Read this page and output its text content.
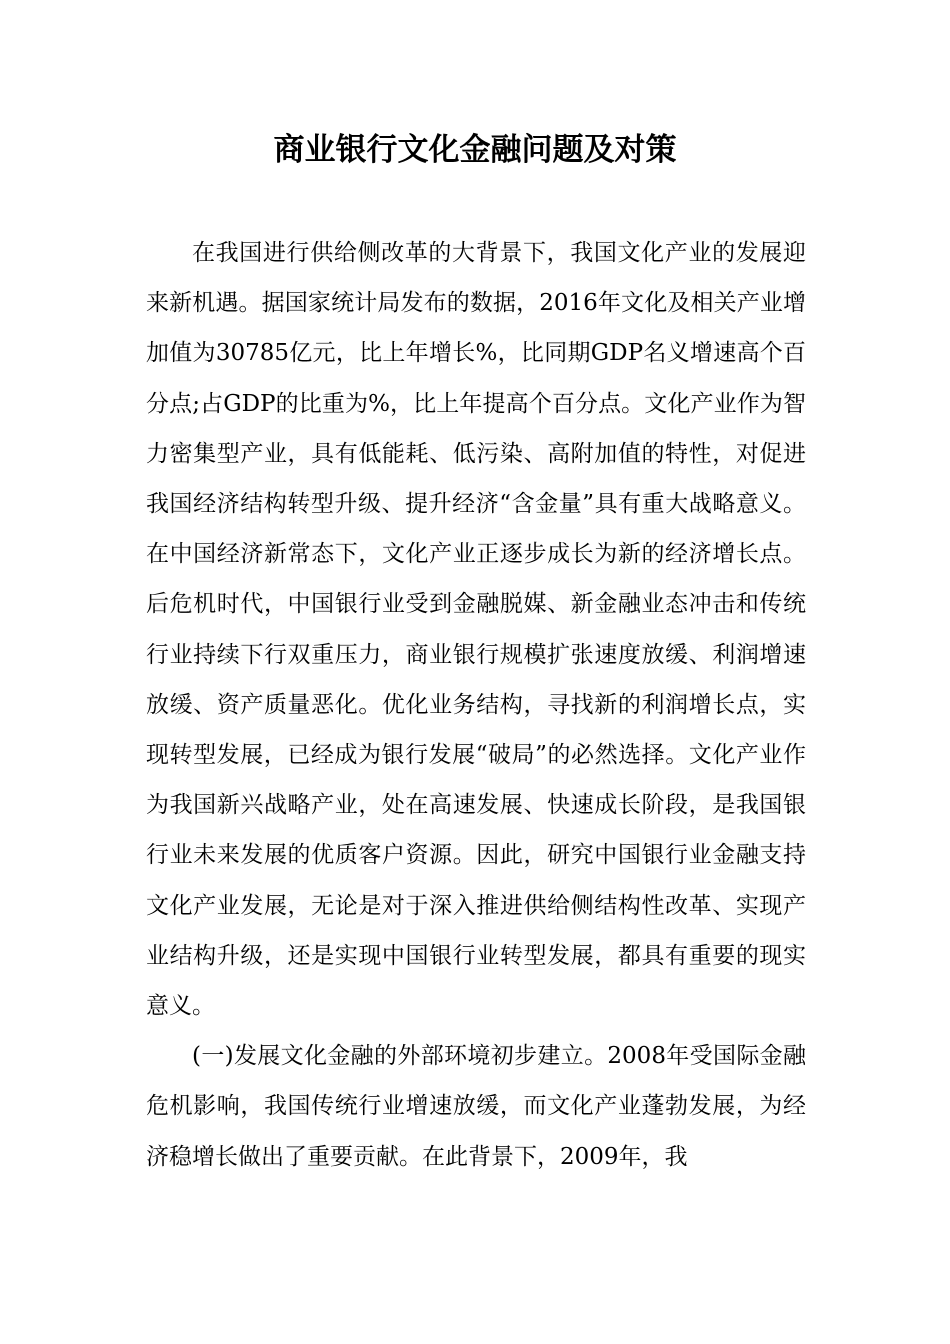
商业银行文化金融问题及对策

在我国进行供给侧改革的大背景下，我国文化产业的发展迎来新机遇。据国家统计局发布的数据，2016年文化及相关产业增加值为30785亿元，比上年增长%，比同期GDP名义增速高个百分点;占GDP的比重为%，比上年提高个百分点。文化产业作为智力密集型产业，具有低能耗、低污染、高附加值的特性，对促进我国经济结构转型升级、提升经济“含金量”具有重大战略意义。在中国经济新常态下，文化产业正逐步成长为新的经济增长点。后危机时代，中国银行业受到金融脱媒、新金融业态冲击和传统行业持续下行双重压力，商业银行规模扩张速度放缓、利润增速放缓、资产质量恶化。优化业务结构，寻找新的利润增长点，实现转型发展，已经成为银行发展“破局”的必然选择。文化产业作为我国新兴战略产业，处在高速发展、快速成长阶段，是我国银行业未来发展的优质客户资源。因此，研究中国银行业金融支持文化产业发展，无论是对于深入推进供给侧结构性改革、实现产业结构升级，还是实现中国银行业转型发展，都具有重要的现实意义。

(一)发展文化金融的外部环境初步建立。2008年受国际金融危机影响，我国传统行业增速放缓，而文化产业蓬勃发展，为经济稳增长做出了重要贡献。在此背景下，2009年，我
